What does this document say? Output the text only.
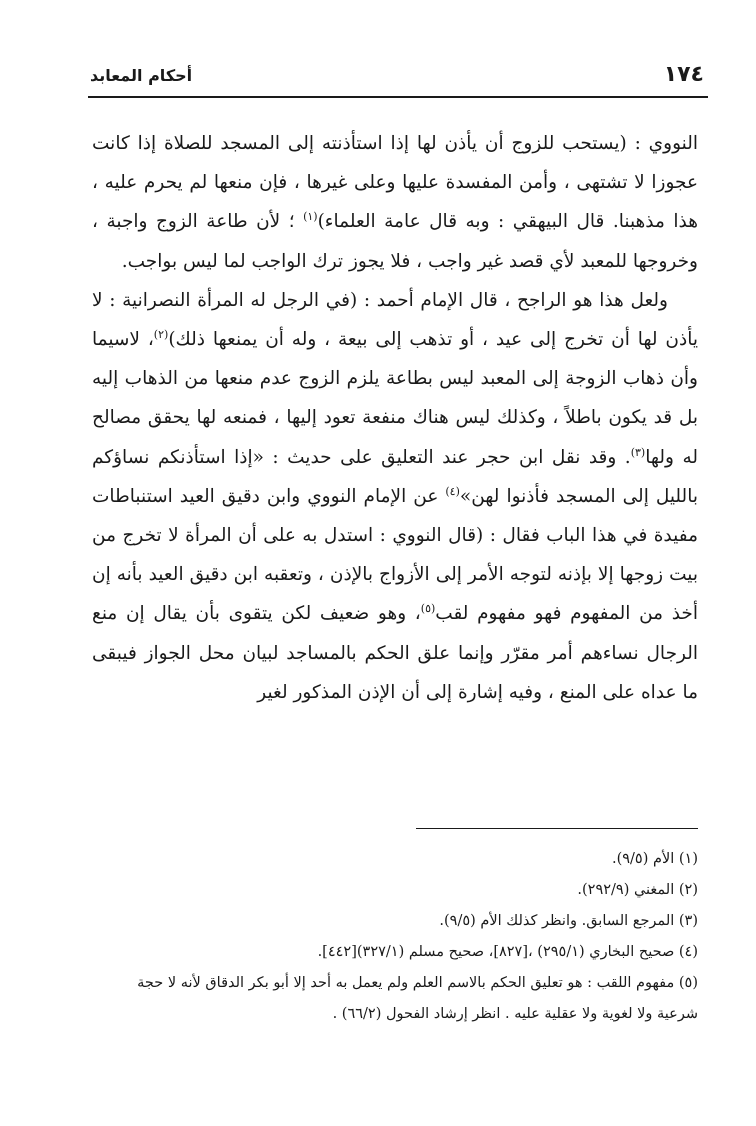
١٧٤
أحكام المعابد

النووي : (يستحب للزوج أن يأذن لها إذا استأذنته إلى المسجد للصلاة إذا كانت عجوزا لا تشتهى ، وأمن المفسدة عليها وعلى غيرها ، فإن منعها لم يحرم عليه ، هذا مذهبنا. قال البيهقي : وبه قال عامة العلماء)$^{(١)}$ ؛ لأن طاعة الزوج واجبة ، وخروجها للمعبد لأي قصد غير واجب ، فلا يجوز ترك الواجب لما ليس بواجب.

ولعل هذا هو الراجح ، قال الإمام أحمد : (في الرجل له المرأة النصرانية : لا يأذن لها أن تخرج إلى عيد ، أو تذهب إلى بيعة ، وله أن يمنعها ذلك)$^{(٢)}$، لاسيما وأن ذهاب الزوجة إلى المعبد ليس بطاعة يلزم الزوج عدم منعها من الذهاب إليه بل قد يكون باطلاً ، وكذلك ليس هناك منفعة تعود إليها ، فمنعه لها يحقق مصالح له ولها$^{(٣)}$. وقد نقل ابن حجر عند التعليق على حديث : «إذا استأذنكم نساؤكم بالليل إلى المسجد فأذنوا لهن»$^{(٤)}$ عن الإمام النووي وابن دقيق العيد استنباطات مفيدة في هذا الباب فقال : (قال النووي : استدل به على أن المرأة لا تخرج من بيت زوجها إلا بإذنه لتوجه الأمر إلى الأزواج بالإذن ، وتعقبه ابن دقيق العيد بأنه إن أخذ من المفهوم فهو مفهوم لقب$^{(٥)}$، وهو ضعيف لكن يتقوى بأن يقال إن منع الرجال نساءهم أمر مقرّر وإنما علق الحكم بالمساجد لبيان محل الجواز فيبقى ما عداه على المنع ، وفيه إشارة إلى أن الإذن المذكور لغير

(١) الأم (٩/٥).

(٢) المغني (٢٩٢/٩).

(٣) المرجع السابق. وانظر كذلك الأم (٩/٥).

(٤) صحيح البخاري (٢٩٥/١) ،[٨٢٧]، صحيح مسلم (٣٢٧/١)[٤٤٢].

(٥) مفهوم اللقب : هو تعليق الحكم بالاسم العلم ولم يعمل به أحد إلا أبو بكر الدقاق لأنه لا حجة شرعية ولا لغوية ولا عقلية عليه . انظر إرشاد الفحول (٦٦/٢) .
